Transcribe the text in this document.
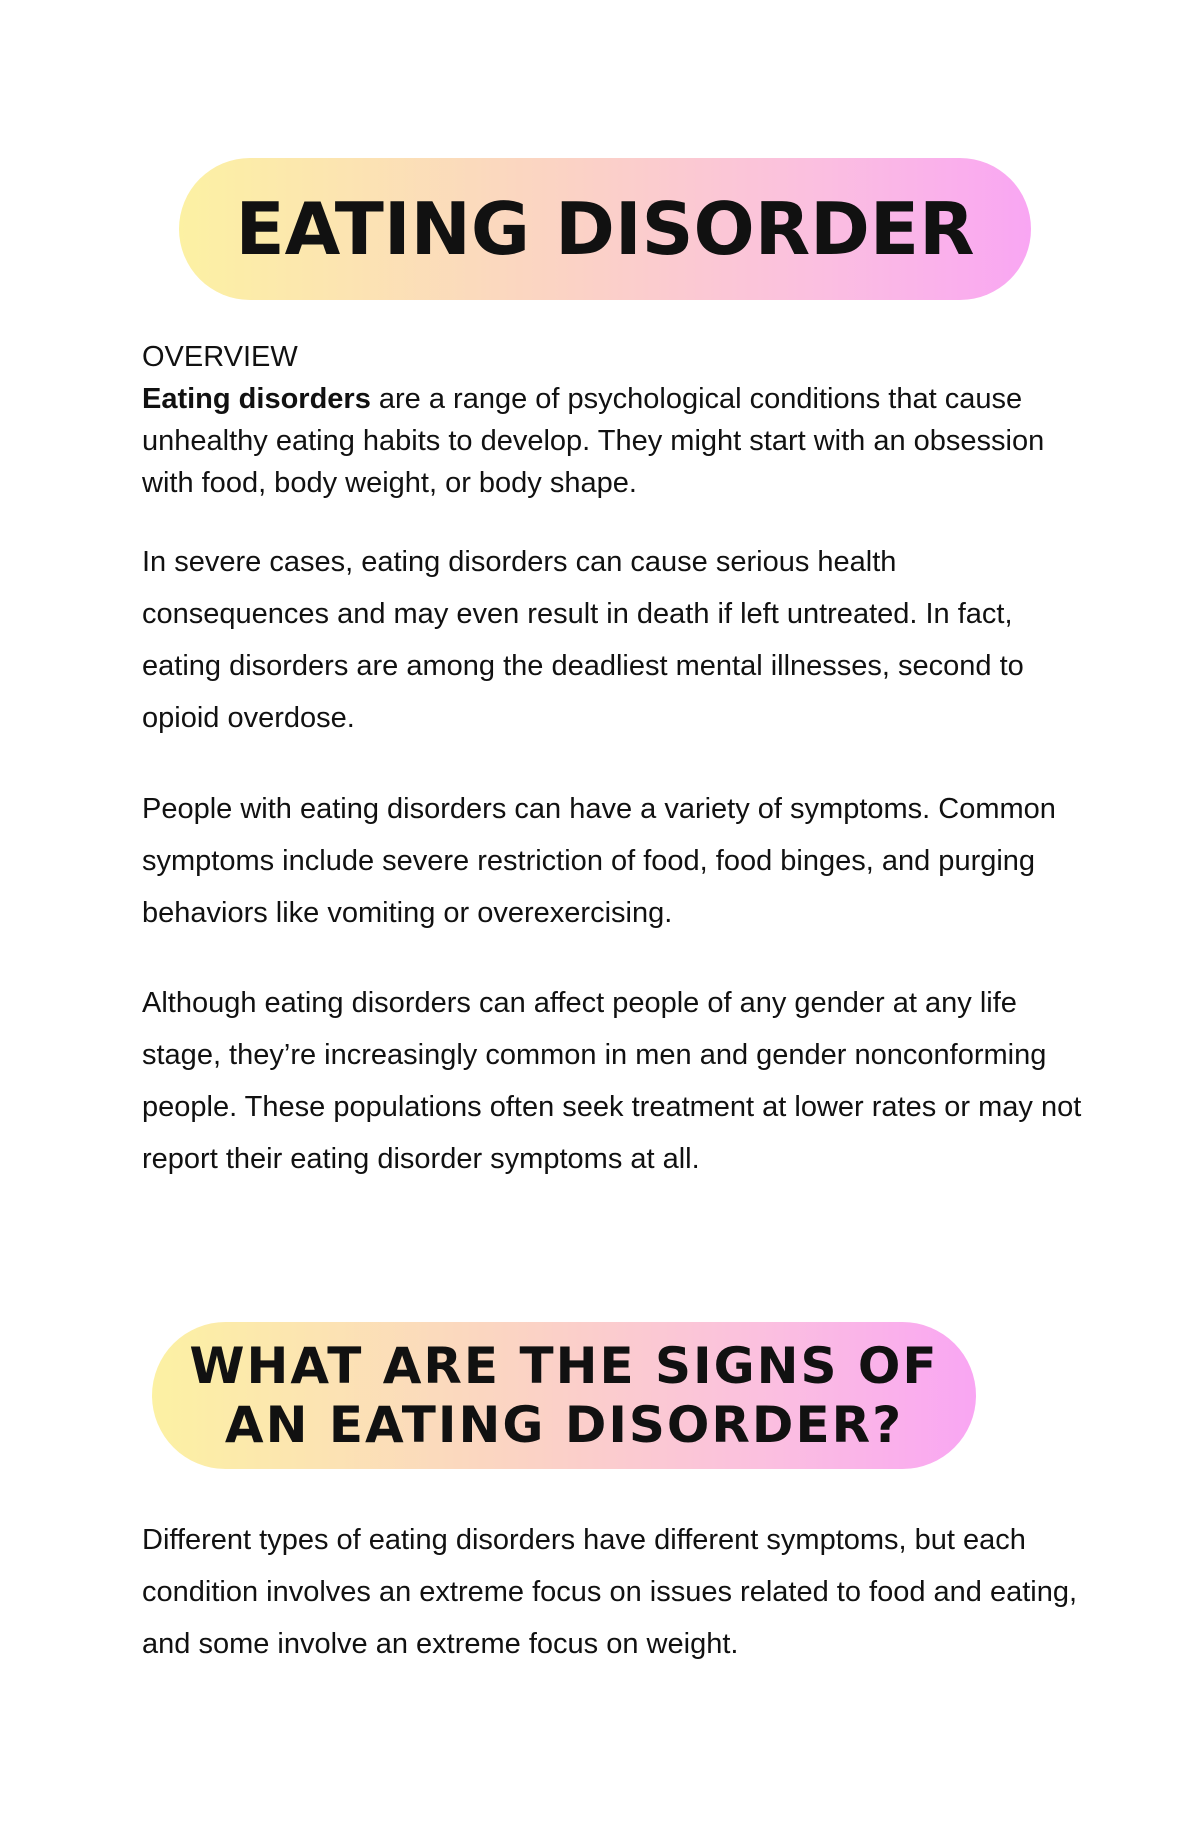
EATING DISORDER

OVERVIEW

Eating disorders are a range of psychological conditions that cause unhealthy eating habits to develop. They might start with an obsession with food, body weight, or body shape.

In severe cases, eating disorders can cause serious health consequences and may even result in death if left untreated. In fact, eating disorders are among the deadliest mental illnesses, second to opioid overdose.

People with eating disorders can have a variety of symptoms. Common symptoms include severe restriction of food, food binges, and purging behaviors like vomiting or overexercising.

Although eating disorders can affect people of any gender at any life stage, they’re increasingly common in men and gender nonconforming people. These populations often seek treatment at lower rates or may not report their eating disorder symptoms at all.

WHAT ARE THE SIGNS OF
AN EATING DISORDER?

Different types of eating disorders have different symptoms, but each condition involves an extreme focus on issues related to food and eating, and some involve an extreme focus on weight.
